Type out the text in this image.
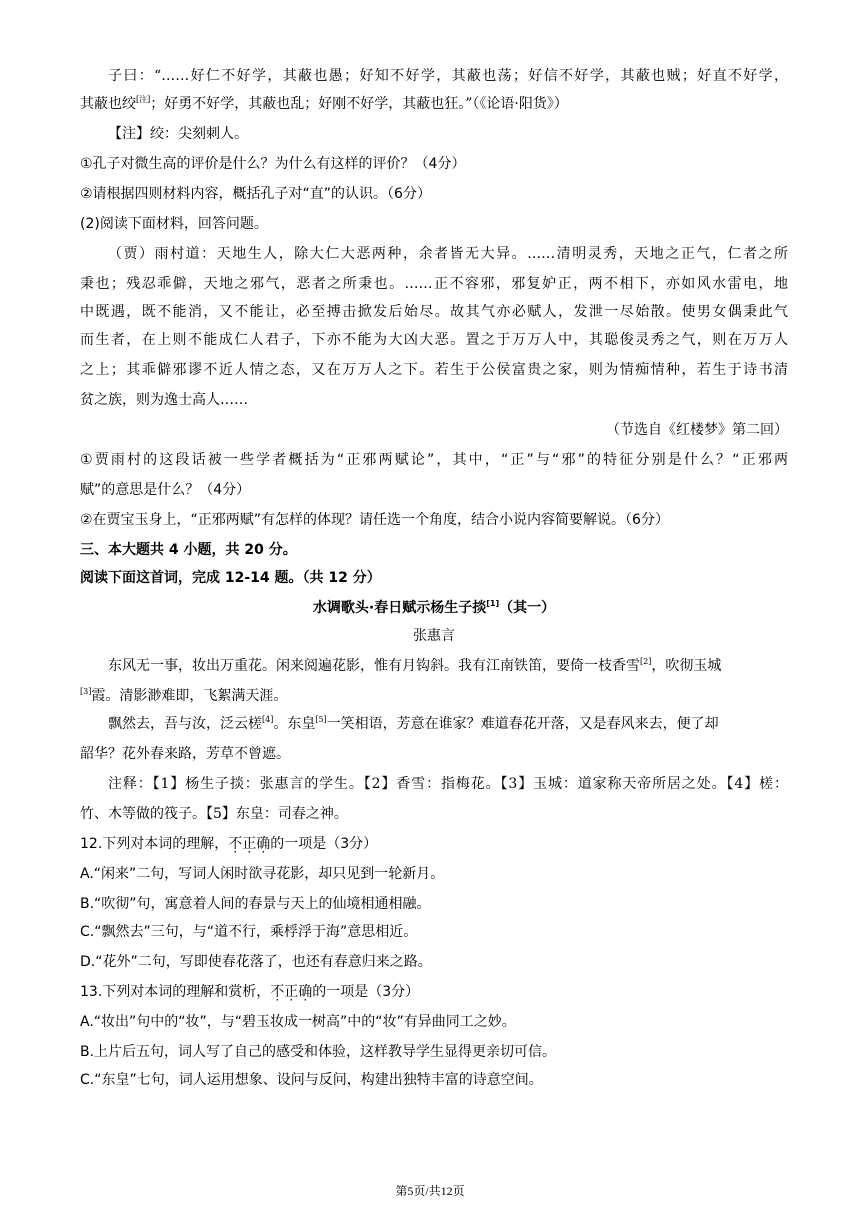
子曰：“……好仁不好学，其蔽也愚；好知不好学，其蔽也荡；好信不好学，其蔽也贼；好直不好学，
其蔽也绞[注]；好勇不好学，其蔽也乱；好刚不好学，其蔽也狂。”（《论语·阳货》）
【注】绞：尖刻刺人。
①孔子对微生高的评价是什么？为什么有这样的评价？（4分）
②请根据四则材料内容，概括孔子对“直”的认识。（6分）
(2)阅读下面材料，回答问题。
（贾）雨村道：天地生人，除大仁大恶两种，余者皆无大异。……清明灵秀，天地之正气，仁者之所
秉也；残忍乖僻，天地之邪气，恶者之所秉也。……正不容邪，邪复妒正，两不相下，亦如风水雷电，地
中既遇，既不能消，又不能让，必至搏击掀发后始尽。故其气亦必赋人，发泄一尽始散。使男女偶秉此气
而生者，在上则不能成仁人君子，下亦不能为大凶大恶。置之于万万人中，其聪俊灵秀之气，则在万万人
之上；其乖僻邪谬不近人情之态，又在万万人之下。若生于公侯富贵之家，则为情痴情种，若生于诗书清
贫之族，则为逸士高人……
（节选自《红楼梦》第二回）
①贾雨村的这段话被一些学者概括为“正邪两赋论”，其中，“正”与“邪”的特征分别是什么？“正邪两
赋”的意思是什么？（4分）
②在贾宝玉身上，“正邪两赋”有怎样的体现？请任选一个角度，结合小说内容简要解说。（6分）
三、本大题共 4 小题，共 20 分。
阅读下面这首词，完成 12-14 题。（共 12 分）
水调歌头·春日赋示杨生子掞[1]（其一）
张惠言
东风无一事，妆出万重花。闲来阅遍花影，惟有月钩斜。我有江南铁笛，要倚一枝香雪[2]，吹彻玉城
[3]霞。清影渺难即，飞絮满天涯。
飘然去，吾与汝，泛云槎[4]。东皇[5]一笑相语，芳意在谁家？难道春花开落，又是春风来去，便了却
韶华？花外春来路，芳草不曾遮。
注释：【1】杨生子掞：张惠言的学生。【2】香雪：指梅花。【3】玉城：道家称天帝所居之处。【4】槎：
竹、木等做的筏子。【5】东皇：司春之神。
12.下列对本词的理解，不正确的一项是（3分）
A.“闲来”二句，写词人闲时欲寻花影，却只见到一轮新月。
B.“吹彻”句，寓意着人间的春景与天上的仙境相通相融。
C.“飘然去”三句，与“道不行，乘桴浮于海”意思相近。
D.“花外”二句，写即使春花落了，也还有春意归来之路。
13.下列对本词的理解和赏析，不正确的一项是（3分）
A.“妆出”句中的“妆”，与“碧玉妆成一树高”中的“妆”有异曲同工之妙。
B.上片后五句，词人写了自己的感受和体验，这样教导学生显得更亲切可信。
C.“东皇”七句，词人运用想象、设问与反问，构建出独特丰富的诗意空间。
第5页/共12页
